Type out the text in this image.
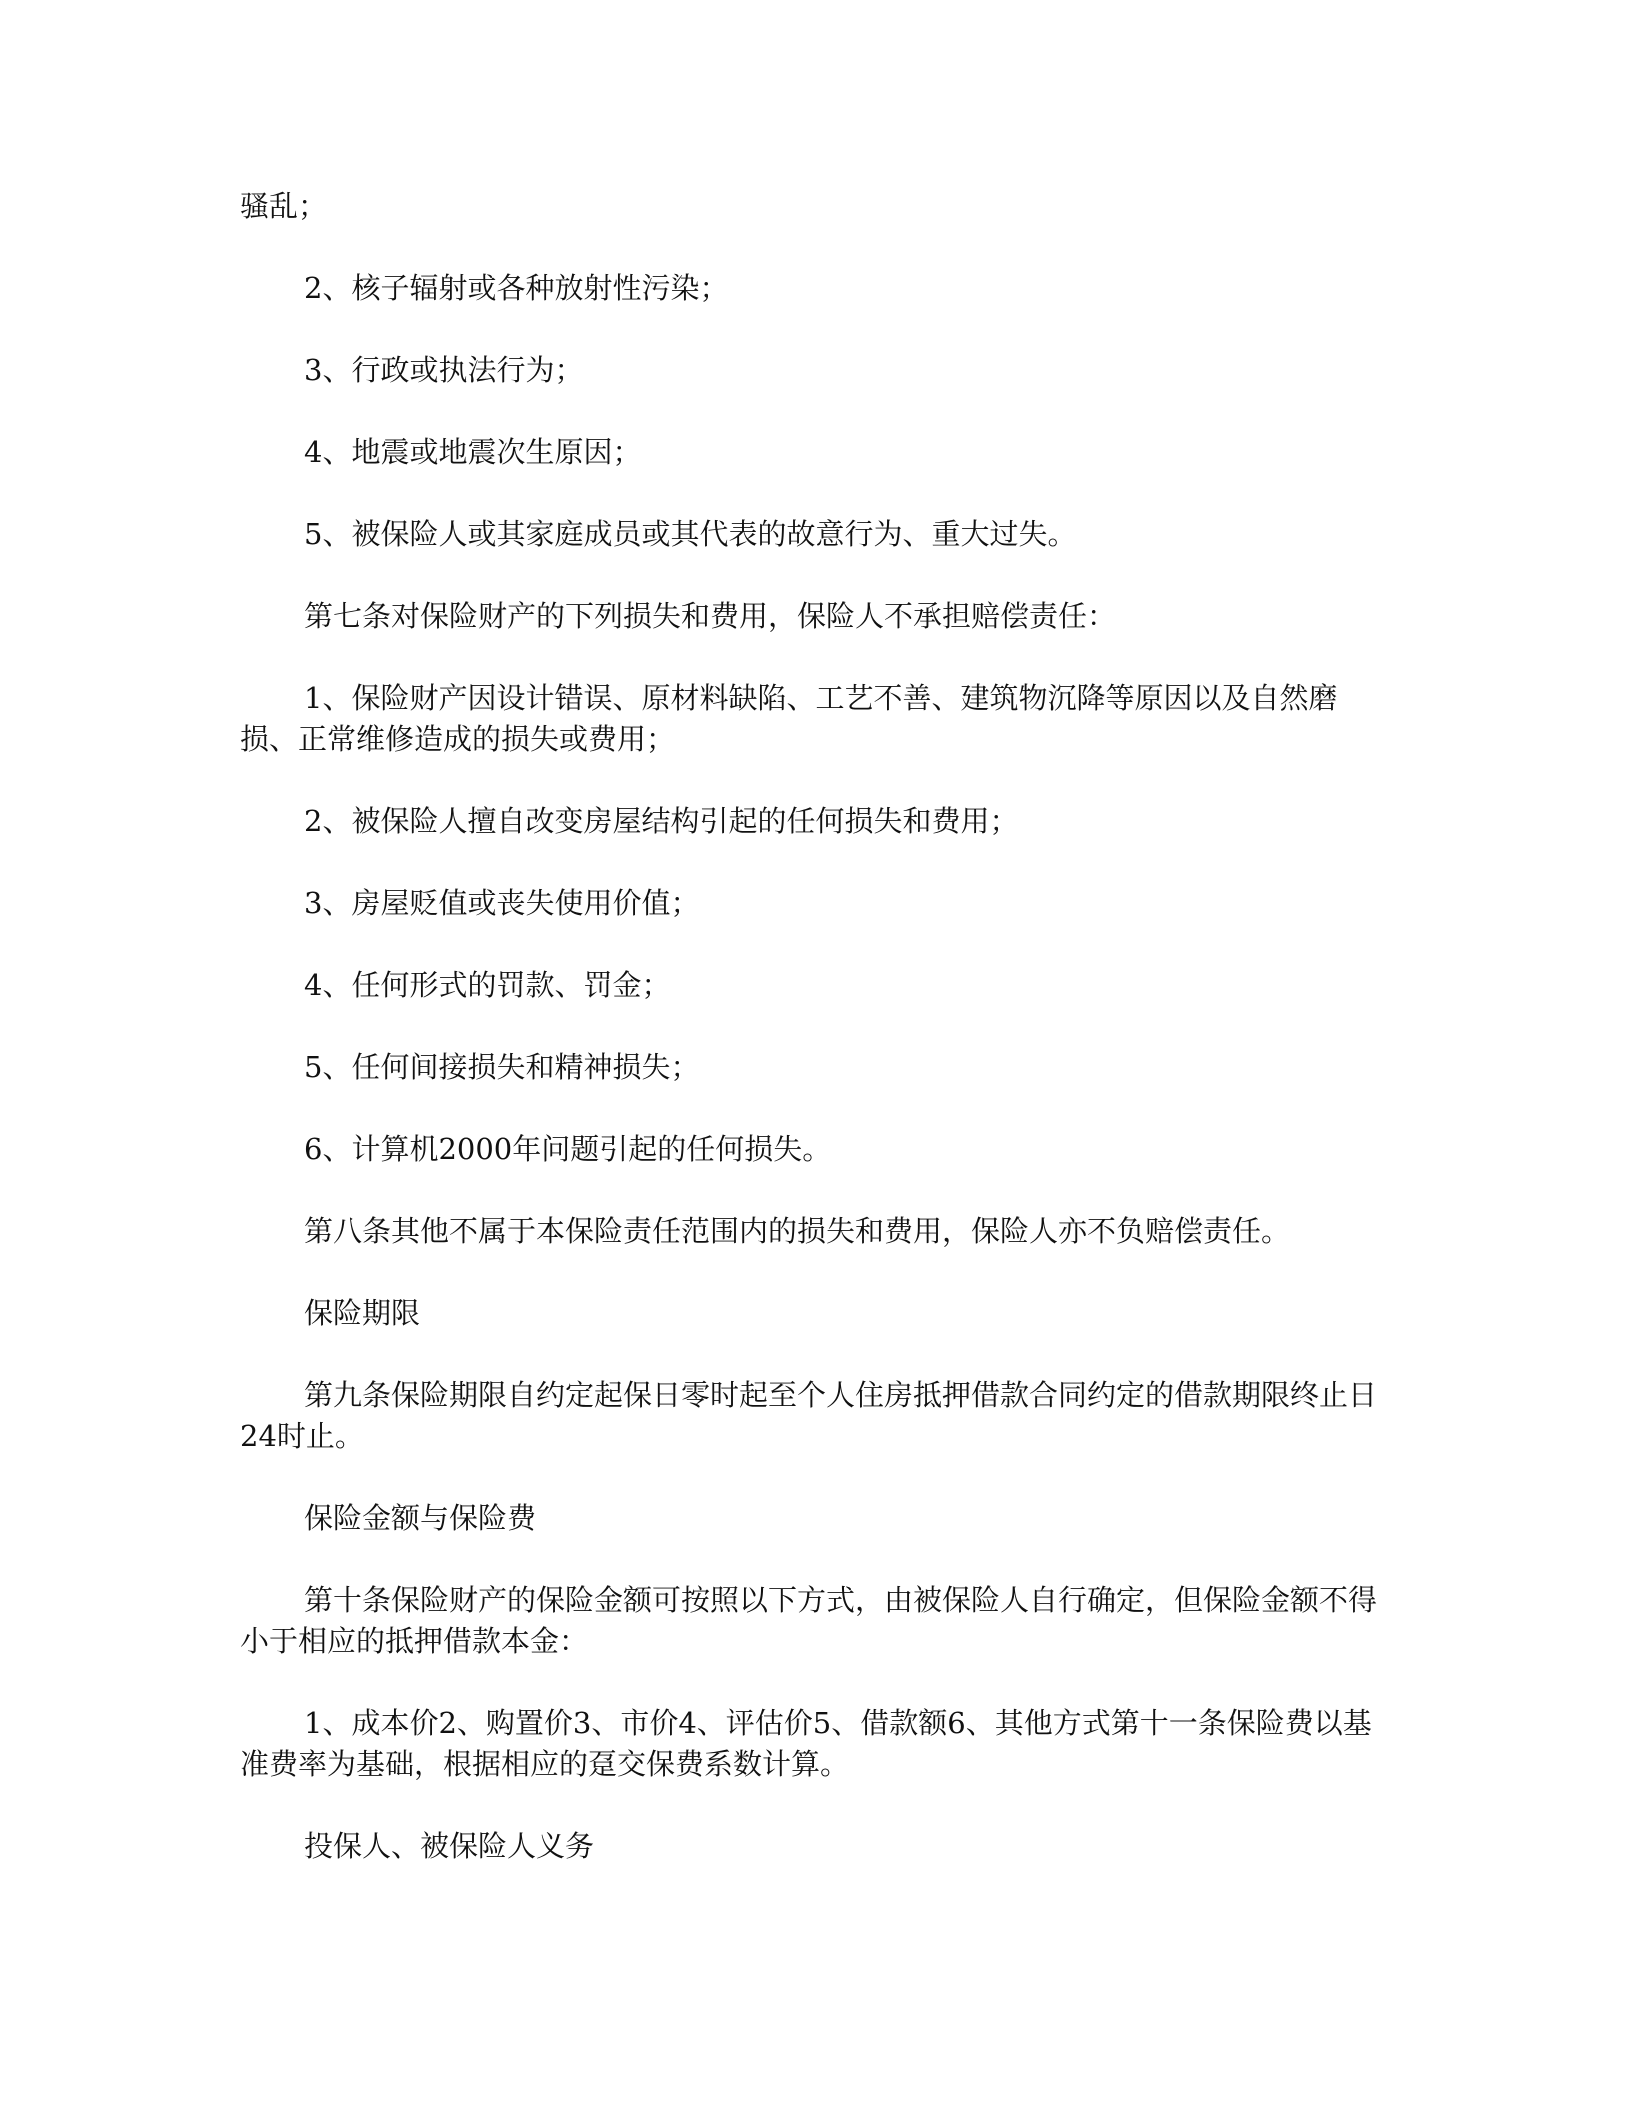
骚乱；

2、核子辐射或各种放射性污染；

3、行政或执法行为；

4、地震或地震次生原因；

5、被保险人或其家庭成员或其代表的故意行为、重大过失。

第七条对保险财产的下列损失和费用，保险人不承担赔偿责任：

1、保险财产因设计错误、原材料缺陷、工艺不善、建筑物沉降等原因以及自然磨损、正常维修造成的损失或费用；

2、被保险人擅自改变房屋结构引起的任何损失和费用；

3、房屋贬值或丧失使用价值；

4、任何形式的罚款、罚金；

5、任何间接损失和精神损失；

6、计算机2000年问题引起的任何损失。

第八条其他不属于本保险责任范围内的损失和费用，保险人亦不负赔偿责任。

保险期限

第九条保险期限自约定起保日零时起至个人住房抵押借款合同约定的借款期限终止日24时止。

保险金额与保险费

第十条保险财产的保险金额可按照以下方式，由被保险人自行确定，但保险金额不得小于相应的抵押借款本金：

1、成本价2、购置价3、市价4、评估价5、借款额6、其他方式第十一条保险费以基准费率为基础，根据相应的趸交保费系数计算。

投保人、被保险人义务
